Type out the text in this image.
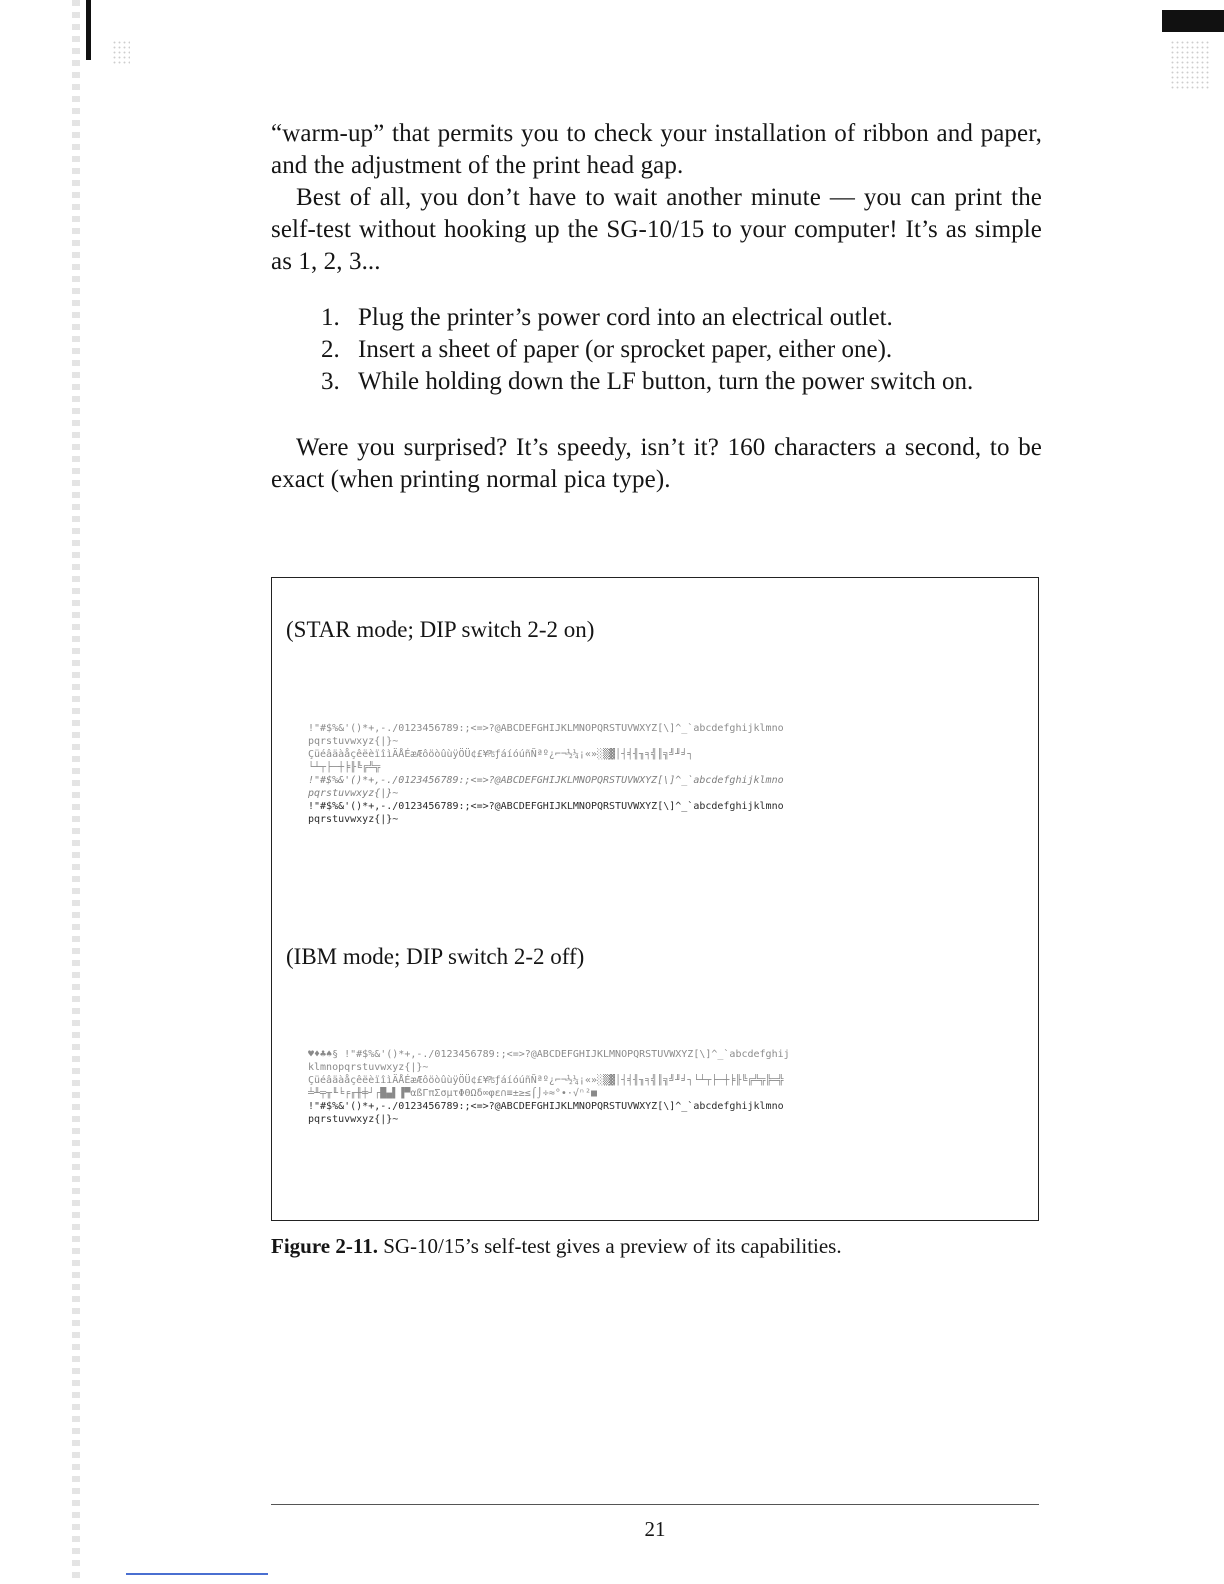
“warm-up” that permits you to check your installation of ribbon and paper, and the adjustment of the print head gap.

Best of all, you don’t have to wait another minute — you can print the self-test without hooking up the SG-10/15 to your computer! It’s as simple as 1, 2, 3...

1. Plug the printer’s power cord into an electrical outlet.
2. Insert a sheet of paper (or sprocket paper, either one).
3. While holding down the LF button, turn the power switch on.

Were you surprised? It’s speedy, isn’t it? 160 characters a second, to be exact (when printing normal pica type).

(STAR mode; DIP switch 2-2 on)
!"#$%&'()*+,-./0123456789:;<=>?@ABCDEFGHIJKLMNOPQRSTUVWXYZ[\]^_`abcdefghijklmno
pqrstuvwxyz{|}~
ÇüéâäàåçêëèïîìÄÅÉæÆôöòûùÿÖÜ¢£¥₧ƒáíóúñÑªº¿⌐¬½¼¡«»░▒▓│┤╡╢╖╕╣║╗╝╜╛┐
└┴┬├─┼╞╟╚╔╩╦
!"#$%&'()*+,-./0123456789:;<=>?@ABCDEFGHIJKLMNOPQRSTUVWXYZ[\]^_`abcdefghijklmno
pqrstuvwxyz{|}~
!"#$%&'()*+,-./0123456789:;<=>?@ABCDEFGHIJKLMNOPQRSTUVWXYZ[\]^_`abcdefghijklmno
pqrstuvwxyz{|}~
(IBM mode; DIP switch 2-2 off)
♥♦♣♠§ !"#$%&'()*+,-./0123456789:;<=>?@ABCDEFGHIJKLMNOPQRSTUVWXYZ[\]^_`abcdefghij
klmnopqrstuvwxyz{|}~
ÇüéâäàåçêëèïîìÄÅÉæÆôöòûùÿÖÜ¢£¥₧ƒáíóúñÑªº¿⌐¬½¼¡«»░▒▓│┤╡╢╖╕╣║╗╝╜╛┐└┴┬├─┼╞╟╚╔╩╦╠═╬
╧╨╤╥╙╘╒╓╫╪┘┌█▄▌▐▀αßΓπΣσµτΦΘΩδ∞φε∩≡±≥≤⌠⌡÷≈°∙·√ⁿ²■
!"#$%&'()*+,-./0123456789:;<=>?@ABCDEFGHIJKLMNOPQRSTUVWXYZ[\]^_`abcdefghijklmno
pqrstuvwxyz{|}~
Figure 2-11. SG-10/15’s self-test gives a preview of its capabilities.
21
